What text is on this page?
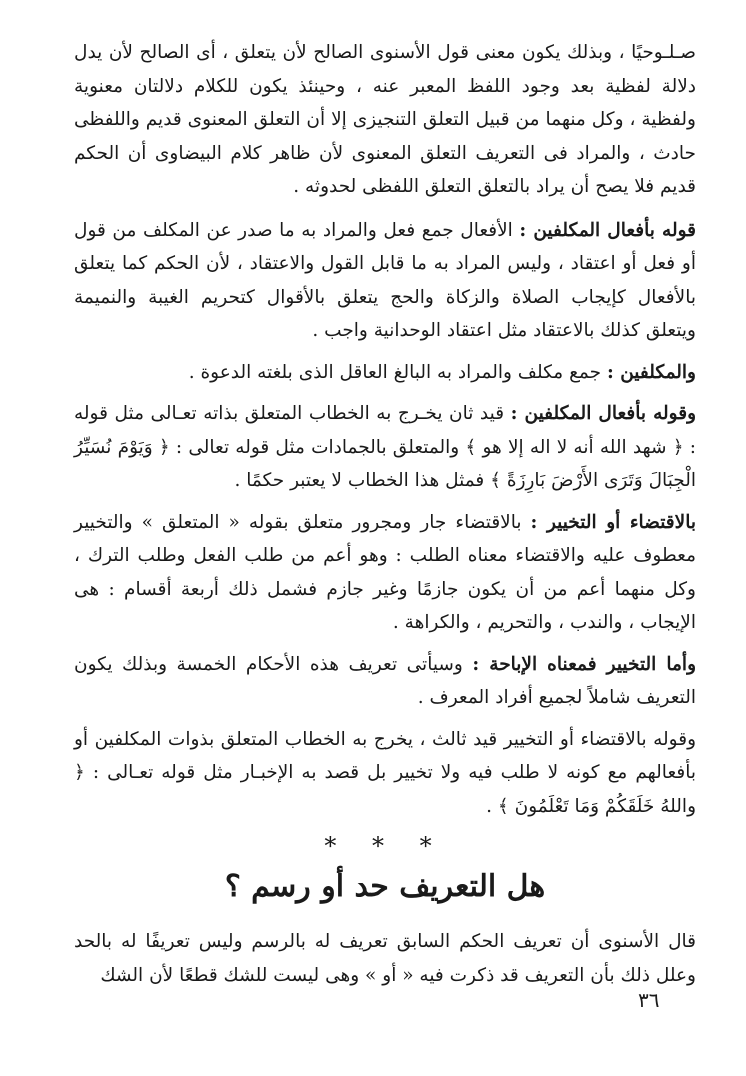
صـلـوحيًا ، وبذلك يكون معنى قول الأسنوى الصالح لأن يتعلق ، أى الصالح لأن يدل دلالة لفظية بعد وجود اللفظ المعبر عنه ، وحينئذ يكون للكلام دلالتان معنوية ولفظية ، وكل منهما من قبيل التعلق التنجيزى إلا أن التعلق المعنوى قديم واللفظى حادث ، والمراد فى التعريف التعلق المعنوى لأن ظاهر كلام البيضاوى أن الحكم قديم فلا يصح أن يراد بالتعلق التعلق اللفظى لحدوثه .

قوله بأفعال المكلفين : الأفعال جمع فعل والمراد به ما صدر عن المكلف من قول أو فعل أو اعتقاد ، وليس المراد به ما قابل القول والاعتقاد ، لأن الحكم كما يتعلق بالأفعال كإيجاب الصلاة والزكاة والحج يتعلق بالأقوال كتحريم الغيبة والنميمة ويتعلق كذلك بالاعتقاد مثل اعتقاد الوحدانية واجب .

والمكلفين : جمع مكلف والمراد به البالغ العاقل الذى بلغته الدعوة .

وقوله بأفعال المكلفين : قيد ثان يخـرج به الخطاب المتعلق بذاته تعـالى مثل قوله : ﴿ شهد الله أنه لا اله إلا هو ﴾ والمتعلق بالجمادات مثل قوله تعالى : ﴿ وَيَوْمَ نُسَيِّرُ الْجِبَالَ وَتَرَى الأَرْضَ بَارِزَةً ﴾ فمثل هذا الخطاب لا يعتبر حكمًا .

بالاقتضاء أو التخيير : بالاقتضاء جار ومجرور متعلق بقوله « المتعلق » والتخيير معطوف عليه والاقتضاء معناه الطلب : وهو أعم من طلب الفعل وطلب الترك ، وكل منهما أعم من أن يكون جازمًا وغير جازم فشمل ذلك أربعة أقسام : هى الإيجاب ، والندب ، والتحريم ، والكراهة .

وأما التخيير فمعناه الإباحة : وسيأتى تعريف هذه الأحكام الخمسة وبذلك يكون التعريف شاملاً لجميع أفراد المعرف .

وقوله بالاقتضاء أو التخيير قيد ثالث ، يخرج به الخطاب المتعلق بذوات المكلفين أو بأفعالهم مع كونه لا طلب فيه ولا تخيير بل قصد به الإخبـار مثل قوله تعـالى : ﴿ واللهُ خَلَقَكُمْ وَمَا تَعْلَمُونَ ﴾ .

* * *
هل التعريف حد أو رسم ؟

قال الأسنوى أن تعريف الحكم السابق تعريف له بالرسم وليس تعريفًا له بالحد وعلل ذلك بأن التعريف قد ذكرت فيه « أو » وهى ليست للشك قطعًا لأن الشك

٣٦
